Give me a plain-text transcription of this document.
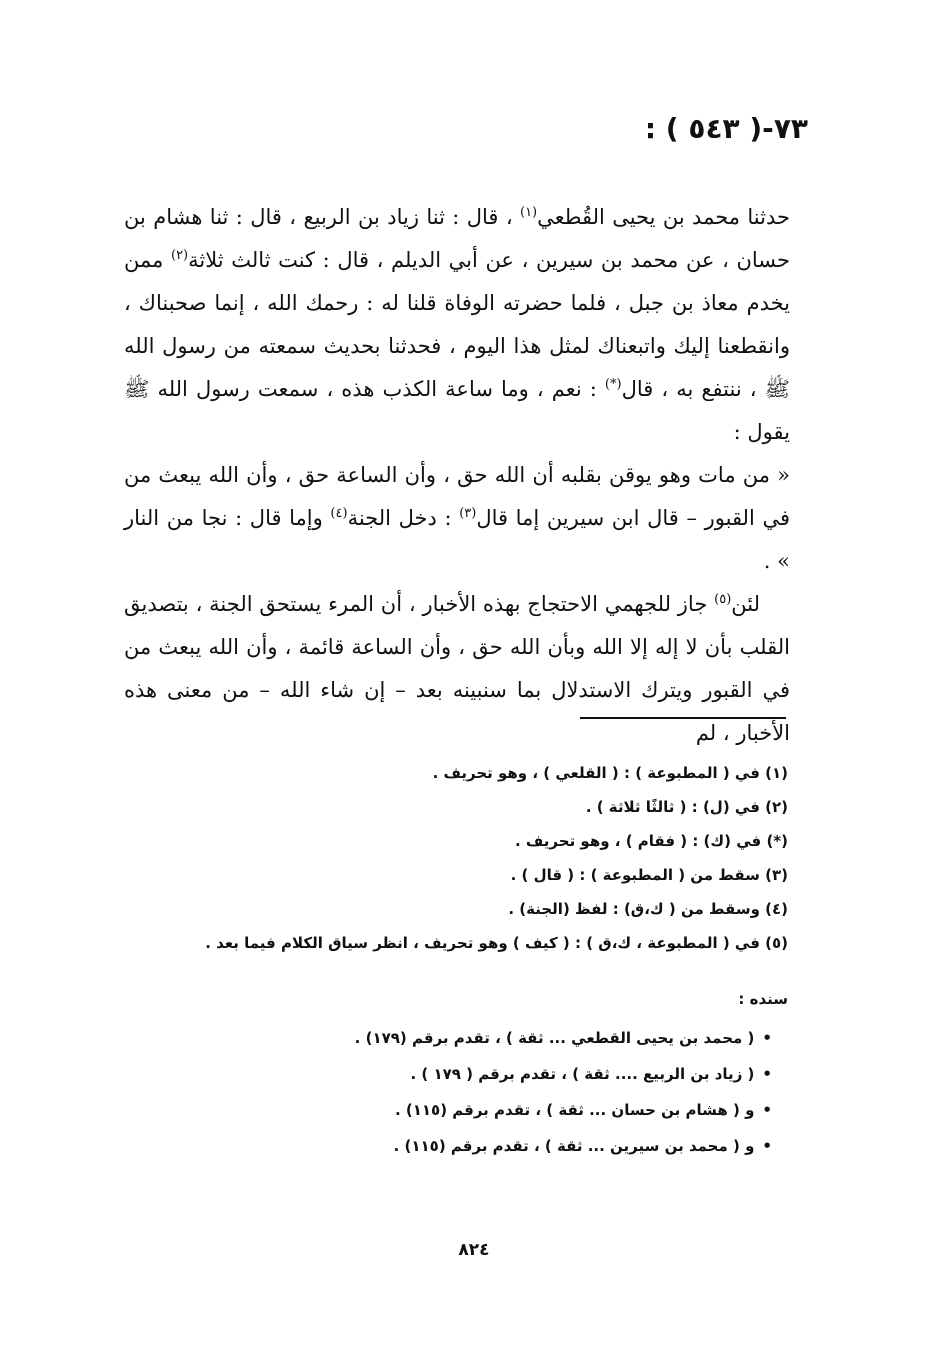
٧٣-( ٥٤٣ ) :

حدثنا محمد بن يحيى القُطعي$^{(١)}$ ، قال : ثنا زياد بن الربيع ، قال : ثنا هشام بن حسان ، عن محمد بن سيرين ، عن أبي الديلم ، قال : كنت ثالث ثلاثة$^{(٢)}$ ممن يخدم معاذ بن جبل ، فلما حضرته الوفاة قلنا له : رحمك الله ، إنما صحبناك ، وانقطعنا إليك واتبعناك لمثل هذا اليوم ، فحدثنا بحديث سمعته من رسول الله ﷺ ، ننتفع به ، قال(*) : نعم ، وما ساعة الكذب هذه ، سمعت رسول الله ﷺ يقول :

« من مات وهو يوقن بقلبه أن الله حق ، وأن الساعة حق ، وأن الله يبعث من في القبور – قال ابن سيرين إما قال$^{(٣)}$ : دخل الجنة$^{(٤)}$ وإما قال : نجا من النار » .

لئن$^{(٥)}$ جاز للجهمي الاحتجاج بهذه الأخبار ، أن المرء يستحق الجنة ، بتصديق القلب بأن لا إله إلا الله وبأن الله حق ، وأن الساعة قائمة ، وأن الله يبعث من في القبور ويترك الاستدلال بما سنبينه بعد – إن شاء الله – من معنى هذه الأخبار ، لم

(١) في ( المطبوعة ) : ( القلعي ) ، وهو تحريف .
(٢) في (ل) : ( ثالثًا ثلاثة ) .
(*) في (ك) : ( فقام ) ، وهو تحريف .
(٣) سقط من ( المطبوعة ) : ( قال ) .
(٤) وسقط من ( ك،ق) : لفظ (الجنة) .
(٥) في ( المطبوعة ، ك،ق ) : ( كيف ) وهو تحريف ، انظر سياق الكلام فيما بعد .
سنده :
•( محمد بن يحيى القطعي ... ثقة ) ، تقدم برقم (١٧٩) .
•( زياد بن الربيع .... ثقة ) ، تقدم برقم ( ١٧٩ ) .
•و ( هشام بن حسان ... ثقة ) ، تقدم برقم (١١٥) .
•و ( محمد بن سيرين ... ثقة ) ، تقدم برقم (١١٥) .
٨٢٤
